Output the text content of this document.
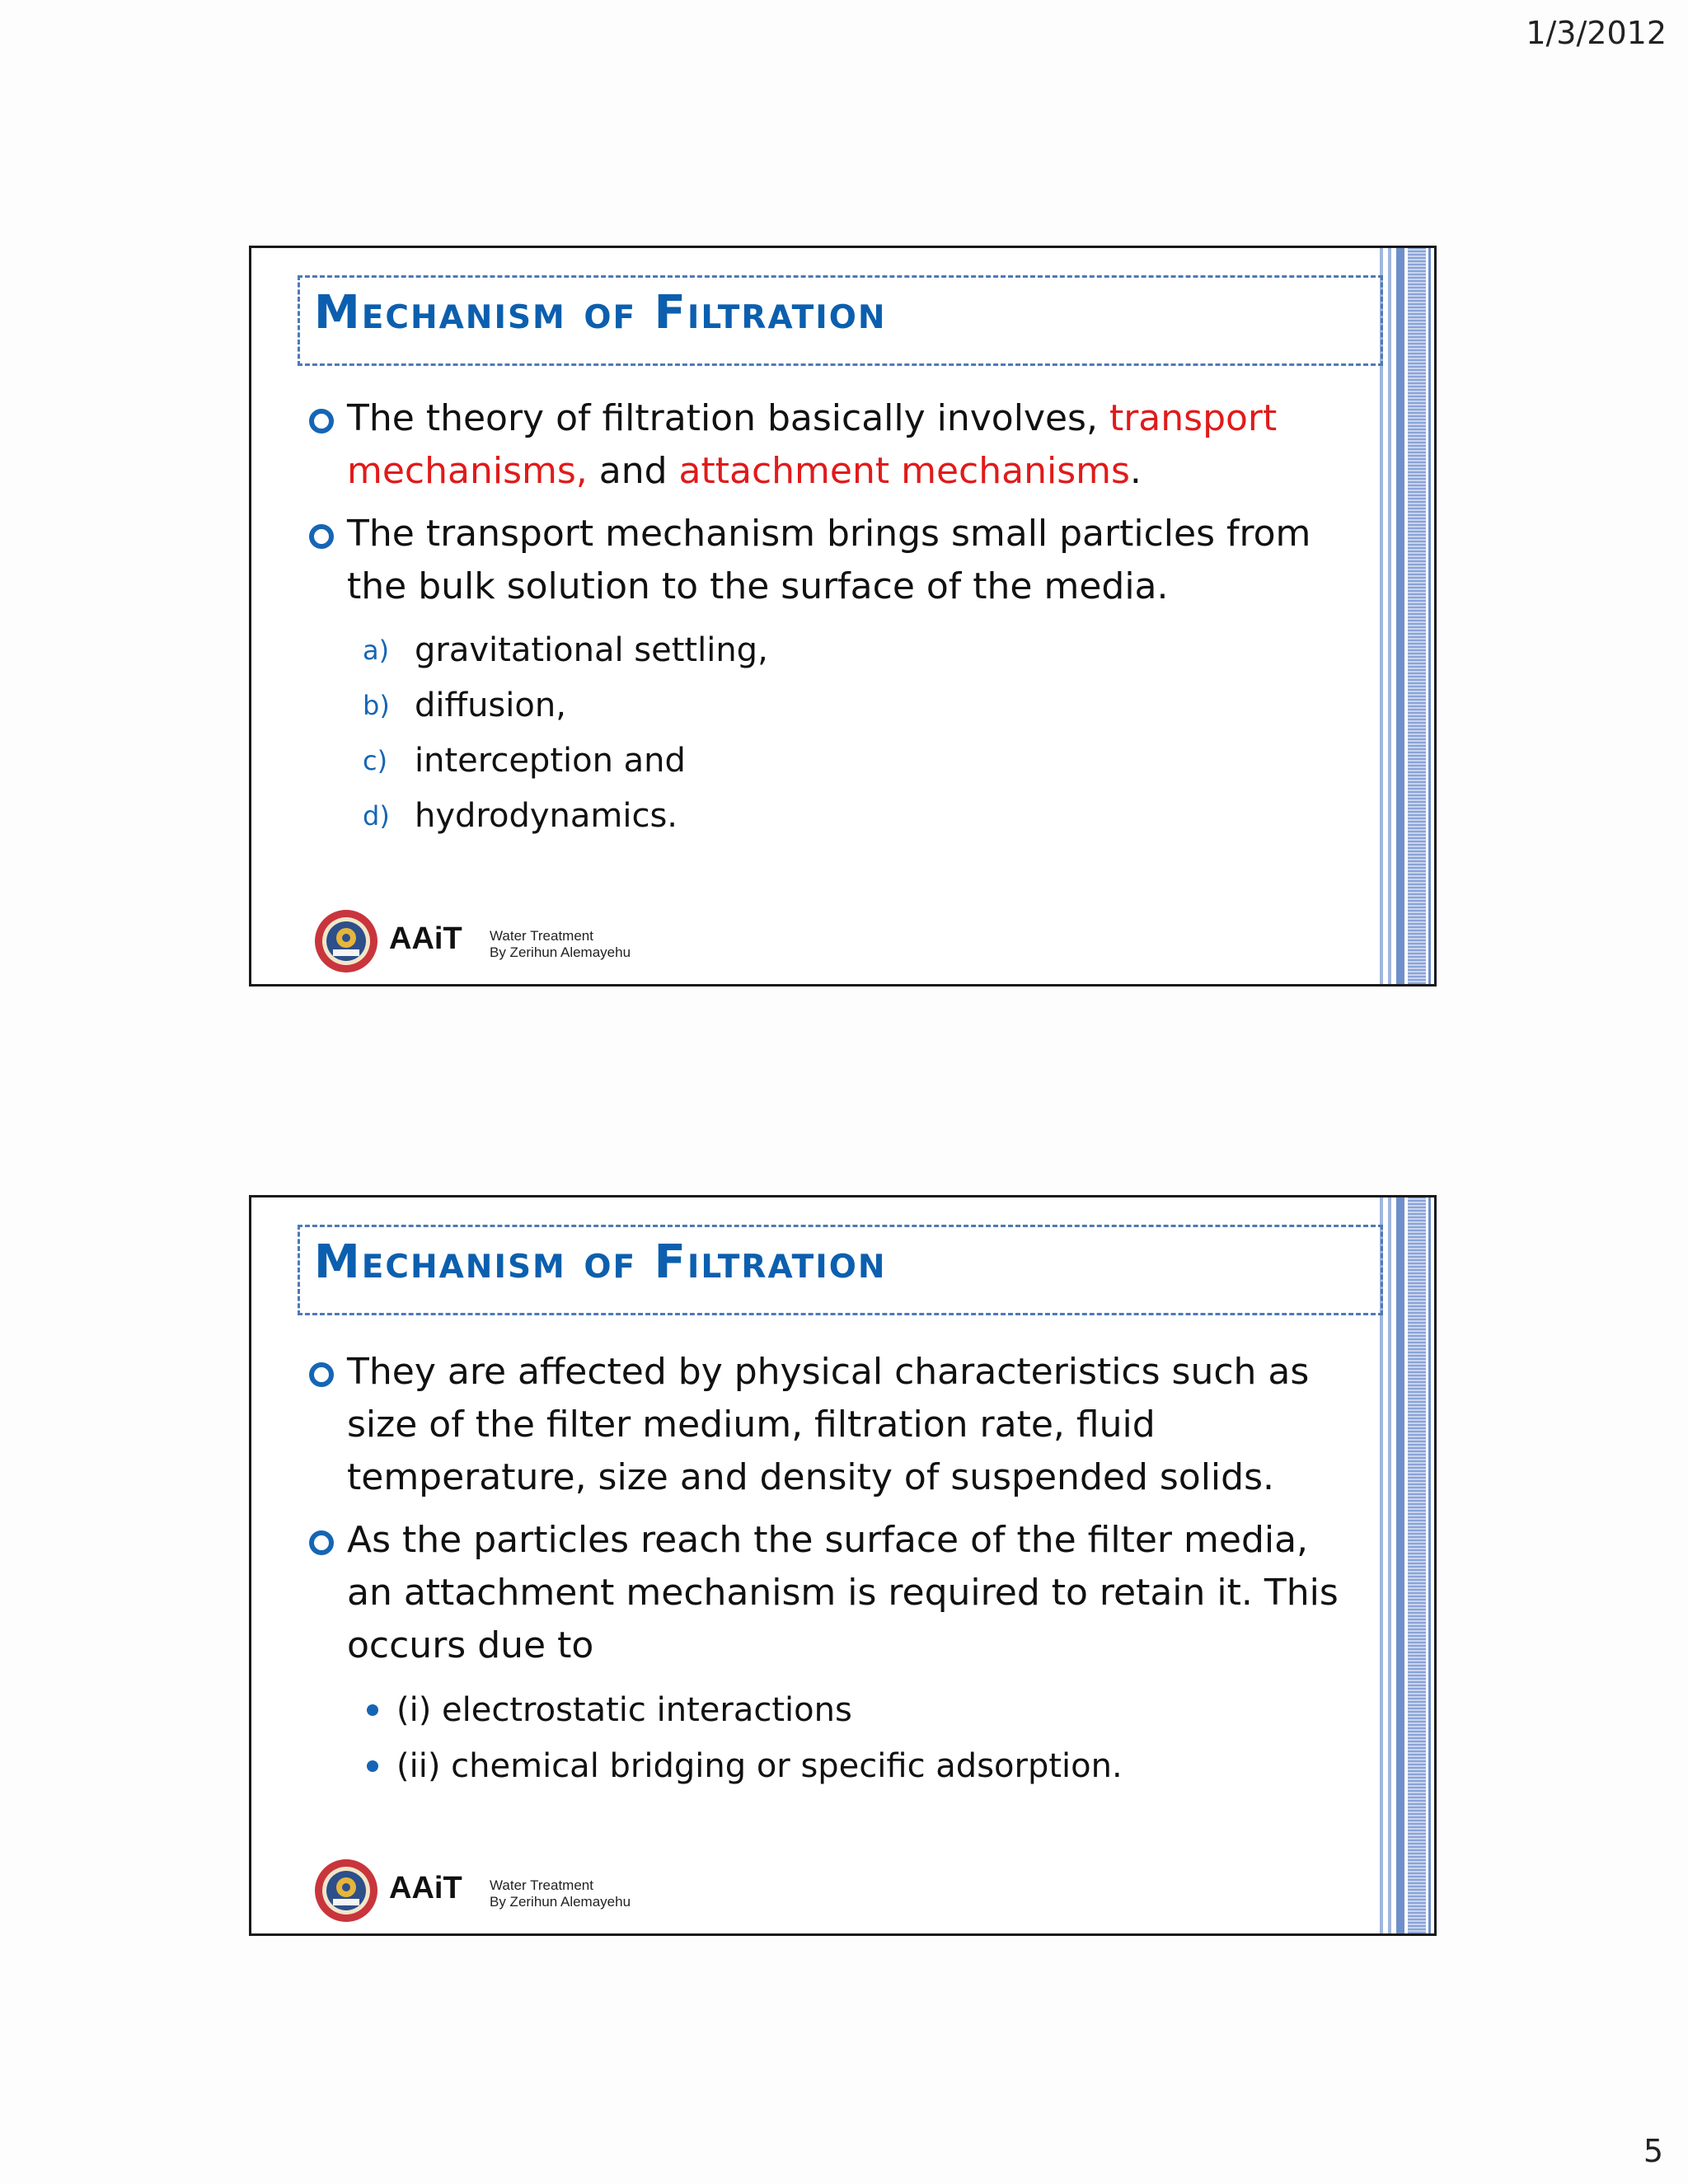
1/3/2012
Mechanism of Filtration
The theory of filtration basically involves, transport mechanisms, and attachment mechanisms.
The transport mechanism brings small particles from the bulk solution to the surface of the media.
a) gravitational settling,
b) diffusion,
c) interception and
d) hydrodynamics.
AAiT Water Treatment
By Zerihun Alemayehu
Mechanism of Filtration
They are affected by physical characteristics such as size of the filter medium, filtration rate, fluid temperature, size and density of suspended solids.
As the particles reach the surface of the filter media, an attachment mechanism is required to retain it. This occurs due to
(i) electrostatic interactions
(ii) chemical bridging or specific adsorption.
AAiT Water Treatment
By Zerihun Alemayehu
5
